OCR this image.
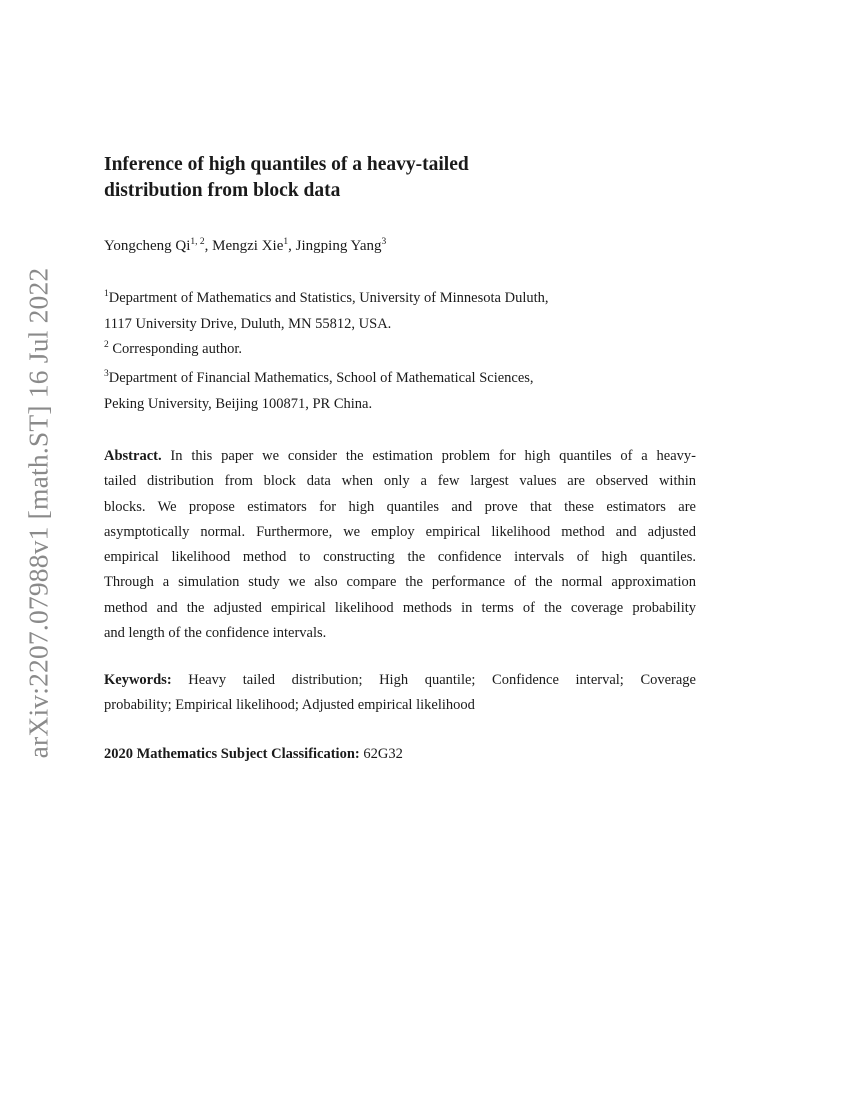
arXiv:2207.07988v1 [math.ST] 16 Jul 2022
Inference of high quantiles of a heavy-tailed
distribution from block data
Yongcheng Qi$^{1, 2}$, Mengzi Xie$^1$, Jingping Yang$^3$
$^1$Department of Mathematics and Statistics, University of Minnesota Duluth,
1117 University Drive, Duluth, MN 55812, USA.
$^2$ Corresponding author.
$^3$Department of Financial Mathematics, School of Mathematical Sciences,
Peking University, Beijing 100871, PR China.
Abstract. In this paper we consider the estimation problem for high quantiles of a heavy-
tailed distribution from block data when only a few largest values are observed within
blocks. We propose estimators for high quantiles and prove that these estimators are
asymptotically normal. Furthermore, we employ empirical likelihood method and adjusted
empirical likelihood method to constructing the confidence intervals of high quantiles.
Through a simulation study we also compare the performance of the normal approximation
method and the adjusted empirical likelihood methods in terms of the coverage probability
and length of the confidence intervals.
Keywords: Heavy tailed distribution; High quantile; Confidence interval; Coverage
probability; Empirical likelihood; Adjusted empirical likelihood
2020 Mathematics Subject Classification: 62G32
